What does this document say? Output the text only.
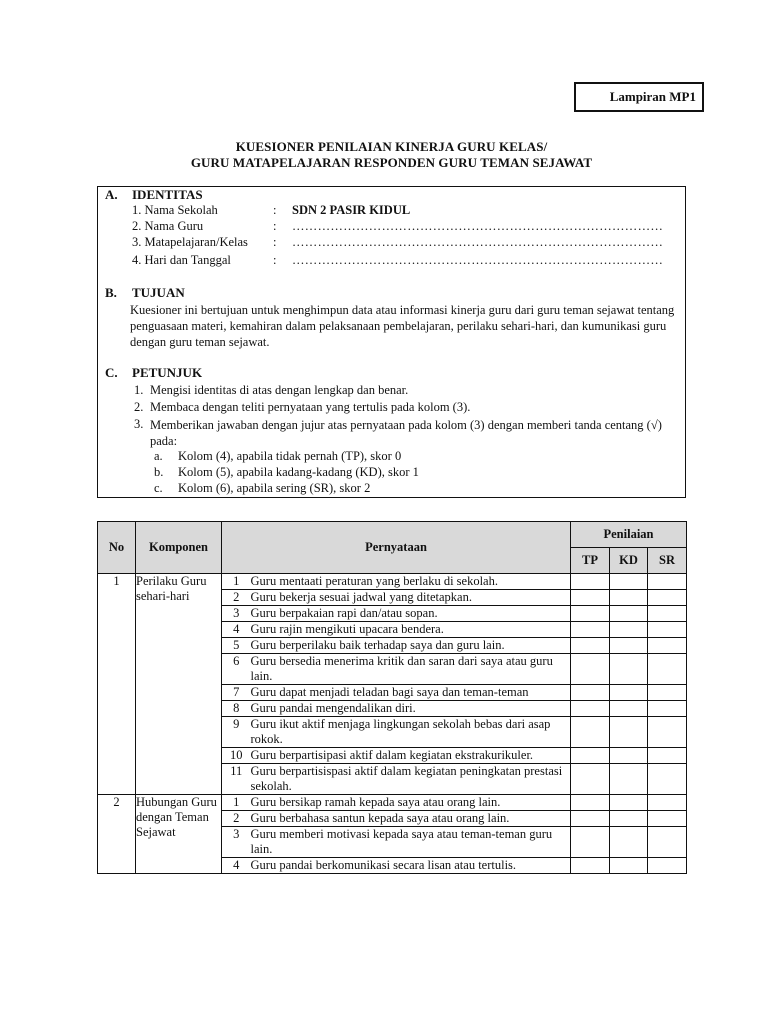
Lampiran MP1
KUESIONER PENILAIAN KINERJA GURU KELAS/
GURU MATAPELAJARAN RESPONDEN GURU TEMAN SEJAWAT
A. IDENTITAS
1. Nama Sekolah	: SDN 2 PASIR KIDUL
2. Nama Guru	: ……………………………………………………………………………
3. Matapelajaran/Kelas : ……………………………………………………………………………
4. Hari dan Tanggal	: ……………………………………………………………………………
B. TUJUAN
Kuesioner ini bertujuan untuk menghimpun data atau informasi kinerja guru dari guru teman sejawat tentang penguasaan materi, kemahiran dalam pelaksanaan pembelajaran, perilaku sehari-hari, dan kumunikasi guru dengan guru teman sejawat.
C. PETUNJUK
1. Mengisi identitas di atas dengan lengkap dan benar.
2. Membaca dengan teliti pernyataan yang tertulis pada kolom (3).
3. Memberikan jawaban dengan jujur atas pernyataan pada kolom (3) dengan memberi tanda centang (√) pada:
a. Kolom (4), apabila tidak pernah (TP), skor 0
b. Kolom (5), apabila kadang-kadang (KD), skor 1
c. Kolom (6), apabila sering (SR), skor 2
No	Komponen	Pernyataan		Penilaian		
				TP	KD	SR
1	Perilaku Guru sehari-hari	1	Guru mentaati peraturan yang berlaku di sekolah.			
		2	Guru bekerja sesuai jadwal yang ditetapkan.			
		3	Guru berpakaian rapi dan/atau sopan.			
		4	Guru rajin mengikuti upacara bendera.			
		5	Guru berperilaku baik terhadap saya dan guru lain.			
		6	Guru bersedia menerima kritik dan saran dari saya atau guru lain.			
		7	Guru dapat menjadi teladan bagi saya dan teman-teman			
		8	Guru pandai mengendalikan diri.			
		9	Guru ikut aktif menjaga lingkungan sekolah bebas dari asap rokok.			
		10	Guru berpartisipasi aktif dalam kegiatan ekstrakurikuler.			
		11	Guru berpartisispasi aktif dalam kegiatan peningkatan prestasi sekolah.			
2	Hubungan Guru dengan Teman Sejawat	1	Guru bersikap ramah kepada saya atau orang lain.			
		2	Guru berbahasa santun kepada saya atau orang lain.			
		3	Guru memberi motivasi kepada saya atau teman-teman guru lain.			
		4	Guru pandai berkomunikasi secara lisan atau tertulis.			
